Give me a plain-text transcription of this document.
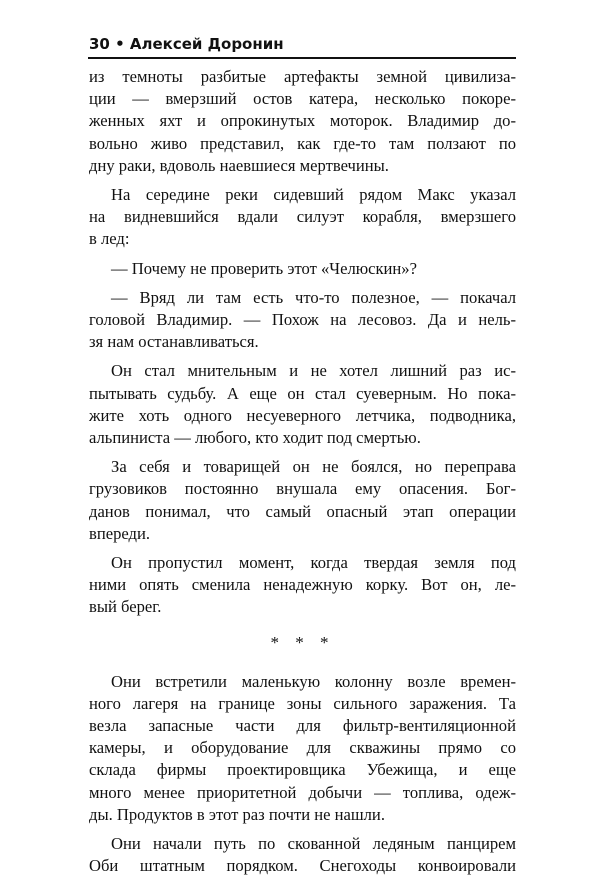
30 • Алексей Доронин
из темноты разбитые артефакты земной цивилиза-
ции — вмерзший остов катера, несколько покоре-
женных яхт и опрокинутых моторок. Владимир до-
вольно живо представил, как где-то там ползают по
дну раки, вдоволь наевшиеся мертвечины.
На середине реки сидевший рядом Макс указал
на видневшийся вдали силуэт корабля, вмерзшего
в лед:
— Почему не проверить этот «Челюскин»?
— Вряд ли там есть что-то полезное, — покачал
головой Владимир. — Похож на лесовоз. Да и нель-
зя нам останавливаться.
Он стал мнительным и не хотел лишний раз ис-
пытывать судьбу. А еще он стал суеверным. Но пока-
жите хоть одного несуеверного летчика, подводника,
альпиниста — любого, кто ходит под смертью.
За себя и товарищей он не боялся, но переправа
грузовиков постоянно внушала ему опасения. Бог-
данов понимал, что самый опасный этап операции
впереди.
Он пропустил момент, когда твердая земля под
ними опять сменила ненадежную корку. Вот он, ле-
вый берег.
* * *
Они встретили маленькую колонну возле времен-
ного лагеря на границе зоны сильного заражения. Та
везла запасные части для фильтр-вентиляционной
камеры, и оборудование для скважины прямо со
склада фирмы проектировщика Убежища, и еще
много менее приоритетной добычи — топлива, одеж-
ды. Продуктов в этот раз почти не нашли.
Они начали путь по скованной ледяным панцирем
Оби штатным порядком. Снегоходы конвоировали
